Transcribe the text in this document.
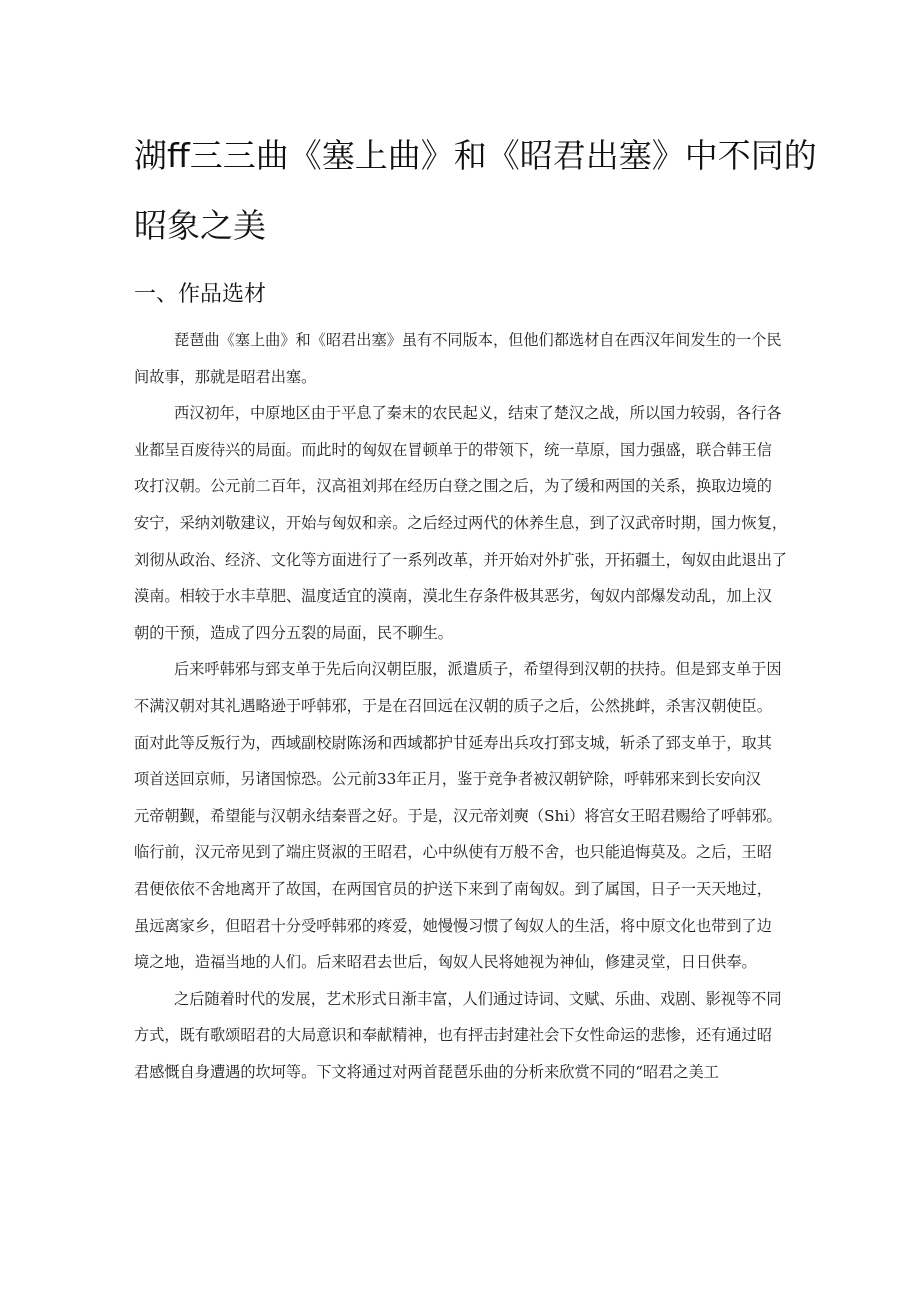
湖ff三三曲《塞上曲》和《昭君出塞》中不同的
昭象之美
一、作品选材
琵琶曲《塞上曲》和《昭君出塞》虽有不同版本，但他们都选材自在西汉年间发生的一个民
间故事，那就是昭君出塞。
西汉初年，中原地区由于平息了秦末的农民起义，结束了楚汉之战，所以国力较弱，各行各
业都呈百废待兴的局面。而此时的匈奴在冒顿单于的带领下，统一草原，国力强盛，联合韩王信
攻打汉朝。公元前二百年，汉高祖刘邦在经历白登之围之后，为了缓和两国的关系，换取边境的
安宁，采纳刘敬建议，开始与匈奴和亲。之后经过两代的休养生息，到了汉武帝时期，国力恢复，
刘彻从政治、经济、文化等方面进行了一系列改革，并开始对外扩张，开拓疆土，匈奴由此退出了
漠南。相较于水丰草肥、温度适宜的漠南，漠北生存条件极其恶劣，匈奴内部爆发动乱，加上汉
朝的干预，造成了四分五裂的局面，民不聊生。
后来呼韩邪与郅支单于先后向汉朝臣服，派遣质子，希望得到汉朝的扶持。但是郅支单于因
不满汉朝对其礼遇略逊于呼韩邪，于是在召回远在汉朝的质子之后，公然挑衅，杀害汉朝使臣。
面对此等反叛行为，西域副校尉陈汤和西域都护甘延寿出兵攻打郅支城，斩杀了郅支单于，取其
项首送回京师，另诸国惊恐。公元前33年正月，鉴于竞争者被汉朝铲除，呼韩邪来到长安向汉
元帝朝觐，希望能与汉朝永结秦晋之好。于是，汉元帝刘奭（Shi）将宫女王昭君赐给了呼韩邪。
临行前，汉元帝见到了端庄贤淑的王昭君，心中纵使有万般不舍，也只能追悔莫及。之后，王昭
君便依依不舍地离开了故国，在两国官员的护送下来到了南匈奴。到了属国，日子一天天地过，
虽远离家乡，但昭君十分受呼韩邪的疼爱，她慢慢习惯了匈奴人的生活，将中原文化也带到了边
境之地，造福当地的人们。后来昭君去世后，匈奴人民将她视为神仙，修建灵堂，日日供奉。
之后随着时代的发展，艺术形式日渐丰富，人们通过诗词、文赋、乐曲、戏剧、影视等不同
方式，既有歌颂昭君的大局意识和奉献精神，也有抨击封建社会下女性命运的悲惨，还有通过昭
君感慨自身遭遇的坎坷等。下文将通过对两首琵琶乐曲的分析来欣赏不同的“昭君之美工
